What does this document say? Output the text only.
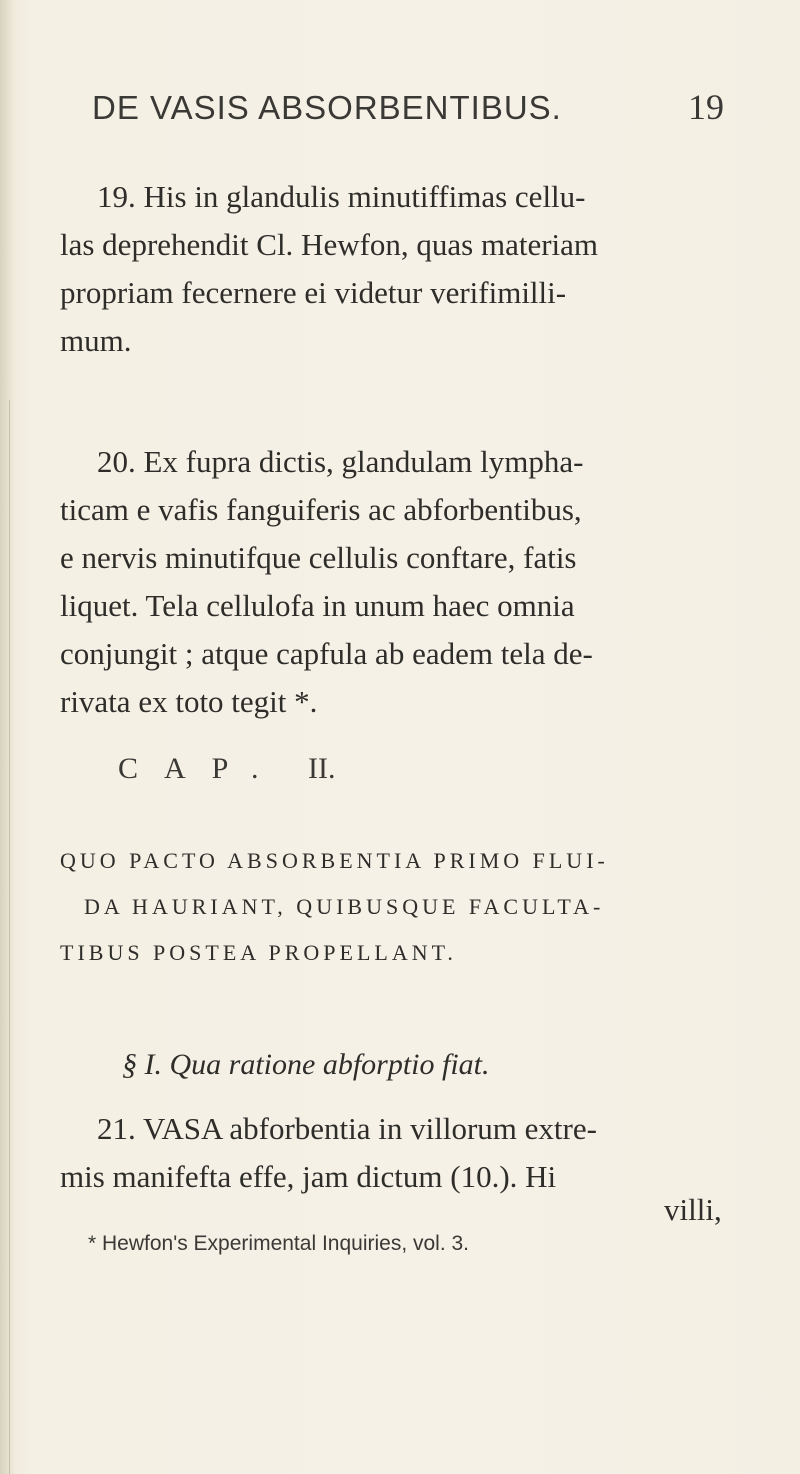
DE VASIS ABSORBENTIBUS.	19
19. His in glandulis minutiffimas cellu-
las deprehendit Cl. Hewfon, quas materiam
propriam fecernere ei videtur verifimilli-
mum.
20. Ex fupra dictis, glandulam lympha-
ticam e vafis fanguiferis ac abforbentibus,
e nervis minutifque cellulis conftare, fatis
liquet. Tela cellulofa in unum haec omnia
conjungit ; atque capfula ab eadem tela de-
rivata ex toto tegit *.
CAP. II.
QUO PACTO ABSORBENTIA PRIMO FLUI-
DA HAURIANT, QUIBUSQUE FACULTA-
TIBUS POSTEA PROPELLANT.
§ I. Qua ratione abforptio fiat.
21. VASA abforbentia in villorum extre-
mis manifefta effe, jam dictum (10.). Hi
villi,
* Hewfon's Experimental Inquiries, vol. 3.
